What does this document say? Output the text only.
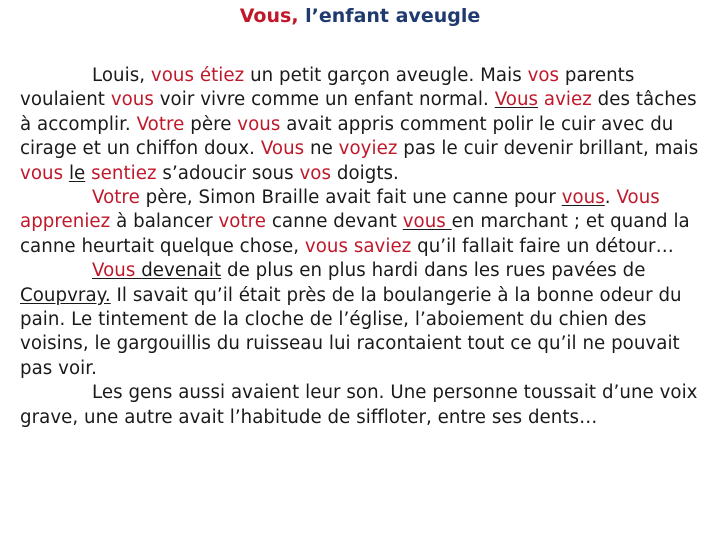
Vous, l’enfant aveugle

Louis, vous étiez un petit garçon aveugle. Mais vos parents voulaient vous voir vivre comme un enfant normal. Vous aviez des tâches à accomplir. Votre père vous avait appris comment polir le cuir avec du cirage et un chiffon doux. Vous ne voyiez pas le cuir devenir brillant, mais vous le sentiez s’adoucir sous vos doigts.

Votre père, Simon Braille avait fait une canne pour vous. Vous appreniez à balancer votre canne devant vous en marchant ; et quand la canne heurtait quelque chose, vous saviez qu’il fallait faire un détour…

Vous devenait de plus en plus hardi dans les rues pavées de Coupvray. Il savait qu’il était près de la boulangerie à la bonne odeur du pain. Le tintement de la cloche de l’église, l’aboiement du chien des voisins, le gargouillis du ruisseau lui racontaient tout ce qu’il ne pouvait pas voir.

Les gens aussi avaient leur son. Une personne toussait d’une voix grave, une autre avait l’habitude de siffloter, entre ses dents…
